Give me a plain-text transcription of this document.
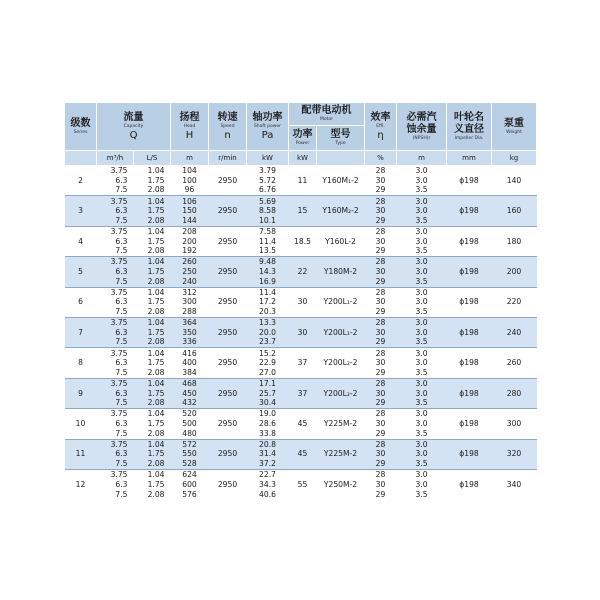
级数
Series	流量
Capacity
Q		扬程
Head
H	转速
Speed
n	轴功率
Shaft power
Pa	配带电动机
Motor		效率
Effi.
η	必需汽
蚀余量
(NPSH)r	叶轮名
义直径
Impeller Dia.	泵重
Weight

						功率
Power	型号
Type				

	m³/h	L/S	m	r/min	kW	kW		%	m	mm	kg
2	3.75
6.3
7.5	1.04
1.75
2.08	104
100
96	2950	3.79
5.72
6.76	11	Y160M₁-2	28
30
29	3.0
3.0
3.5	ϕ198	140
3	3.75
6.3
7.5	1.04
1.75
2.08	106
150
144	2950	5.69
8.58
10.1	15	Y160M₂-2	28
30
29	3.0
3.0
3.5	ϕ198	160
4	3.75
6.3
7.5	1.04
1.75
2.08	208
200
192	2950	7.58
11.4
13.5	18.5	Y160L-2	28
30
29	3.0
3.0
3.5	ϕ198	180
5	3.75
6.3
7.5	1.04
1.75
2.08	260
250
240	2950	9.48
14.3
16.9	22	Y180M-2	28
30
29	3.0
3.0
3.5	ϕ198	200
6	3.75
6.3
7.5	1.04
1.75
2.08	312
300
288	2950	11.4
17.2
20.3	30	Y200L₁-2	28
30
29	3.0
3.0
3.5	ϕ198	220
7	3.75
6.3
7.5	1.04
1.75
2.08	364
350
336	2950	13.3
20.0
23.7	30	Y200L₁-2	28
30
29	3.0
3.0
3.5	ϕ198	240
8	3.75
6.3
7.5	1.04
1.75
2.08	416
400
384	2950	15.2
22.9
27.0	37	Y200L₂-2	28
30
29	3.0
3.0
3.5	ϕ198	260
9	3.75
6.3
7.5	1.04
1.75
2.08	468
450
432	2950	17.1
25.7
30.4	37	Y200L₂-2	28
30
29	3.0
3.0
3.5	ϕ198	280
10	3.75
6.3
7.5	1.04
1.75
2.08	520
500
480	2950	19.0
28.6
33.8	45	Y225M-2	28
30
29	3.0
3.0
3.5	ϕ198	300
11	3.75
6.3
7.5	1.04
1.75
2.08	572
550
528	2950	20.8
31.4
37.2	45	Y225M-2	28
30
29	3.0
3.0
3.5	ϕ198	320
12	3.75
6.3
7.5	1.04
1.75
2.08	624
600
576	2950	22.7
34.3
40.6	55	Y250M-2	28
30
29	3.0
3.0
3.5	ϕ198	340
